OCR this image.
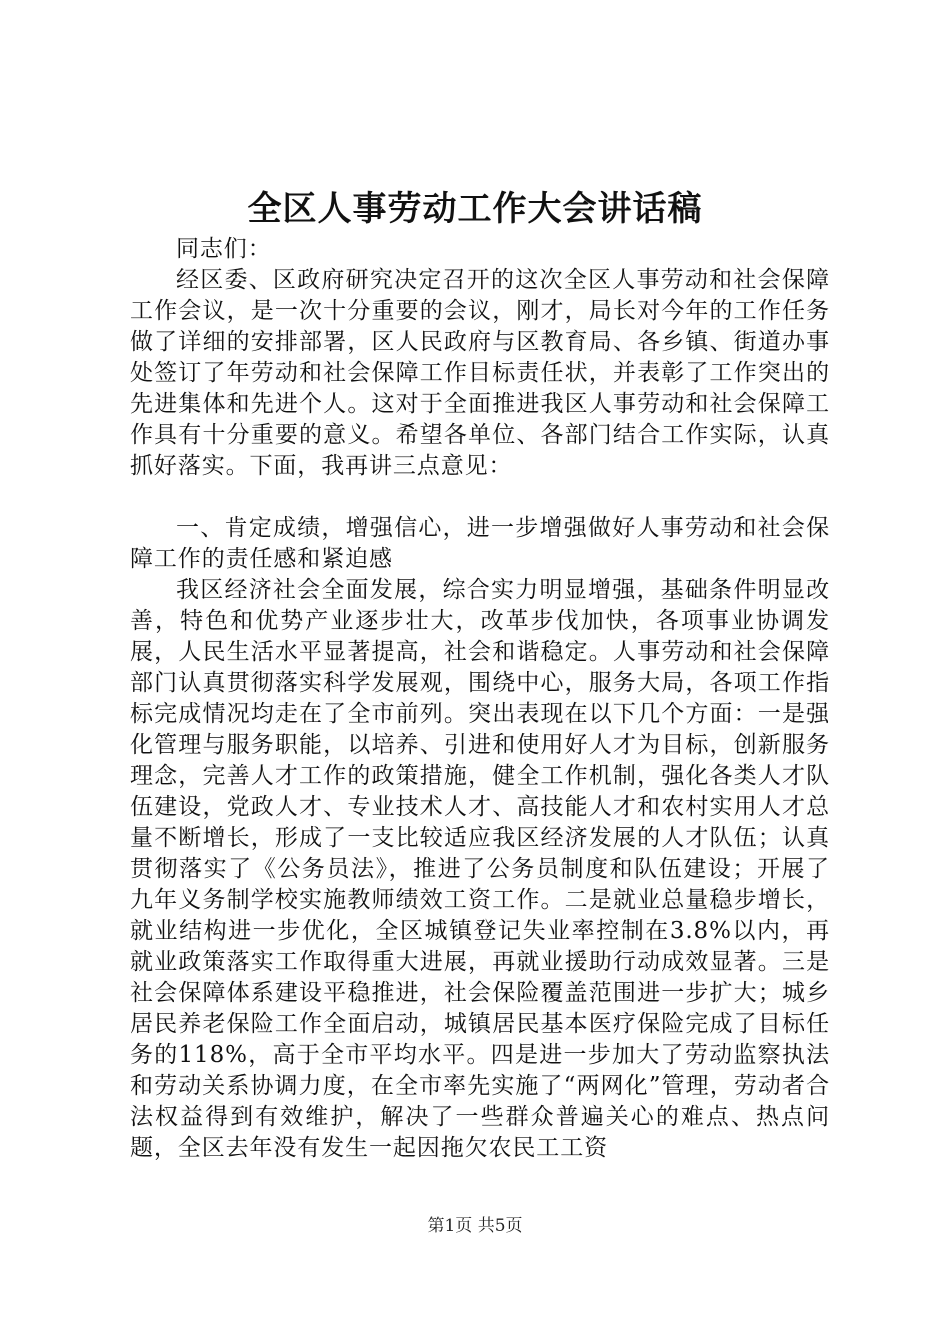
全区人事劳动工作大会讲话稿

同志们：

经区委、区政府研究决定召开的这次全区人事劳动和社会保障工作会议，是一次十分重要的会议，刚才，局长对今年的工作任务做了详细的安排部署，区人民政府与区教育局、各乡镇、街道办事处签订了年劳动和社会保障工作目标责任状，并表彰了工作突出的先进集体和先进个人。这对于全面推进我区人事劳动和社会保障工作具有十分重要的意义。希望各单位、各部门结合工作实际，认真抓好落实。下面，我再讲三点意见：

一、肯定成绩，增强信心，进一步增强做好人事劳动和社会保障工作的责任感和紧迫感

我区经济社会全面发展，综合实力明显增强，基础条件明显改善，特色和优势产业逐步壮大，改革步伐加快，各项事业协调发展，人民生活水平显著提高，社会和谐稳定。人事劳动和社会保障部门认真贯彻落实科学发展观，围绕中心，服务大局，各项工作指标完成情况均走在了全市前列。突出表现在以下几个方面：一是强化管理与服务职能，以培养、引进和使用好人才为目标，创新服务理念，完善人才工作的政策措施，健全工作机制，强化各类人才队伍建设，党政人才、专业技术人才、高技能人才和农村实用人才总量不断增长，形成了一支比较适应我区经济发展的人才队伍；认真贯彻落实了《公务员法》，推进了公务员制度和队伍建设；开展了九年义务制学校实施教师绩效工资工作。二是就业总量稳步增长，就业结构进一步优化，全区城镇登记失业率控制在3.8%以内，再就业政策落实工作取得重大进展，再就业援助行动成效显著。三是社会保障体系建设平稳推进，社会保险覆盖范围进一步扩大；城乡居民养老保险工作全面启动，城镇居民基本医疗保险完成了目标任务的118%，高于全市平均水平。四是进一步加大了劳动监察执法和劳动关系协调力度，在全市率先实施了“两网化”管理，劳动者合法权益得到有效维护，解决了一些群众普遍关心的难点、热点问题，全区去年没有发生一起因拖欠农民工工资

第1页 共5页
